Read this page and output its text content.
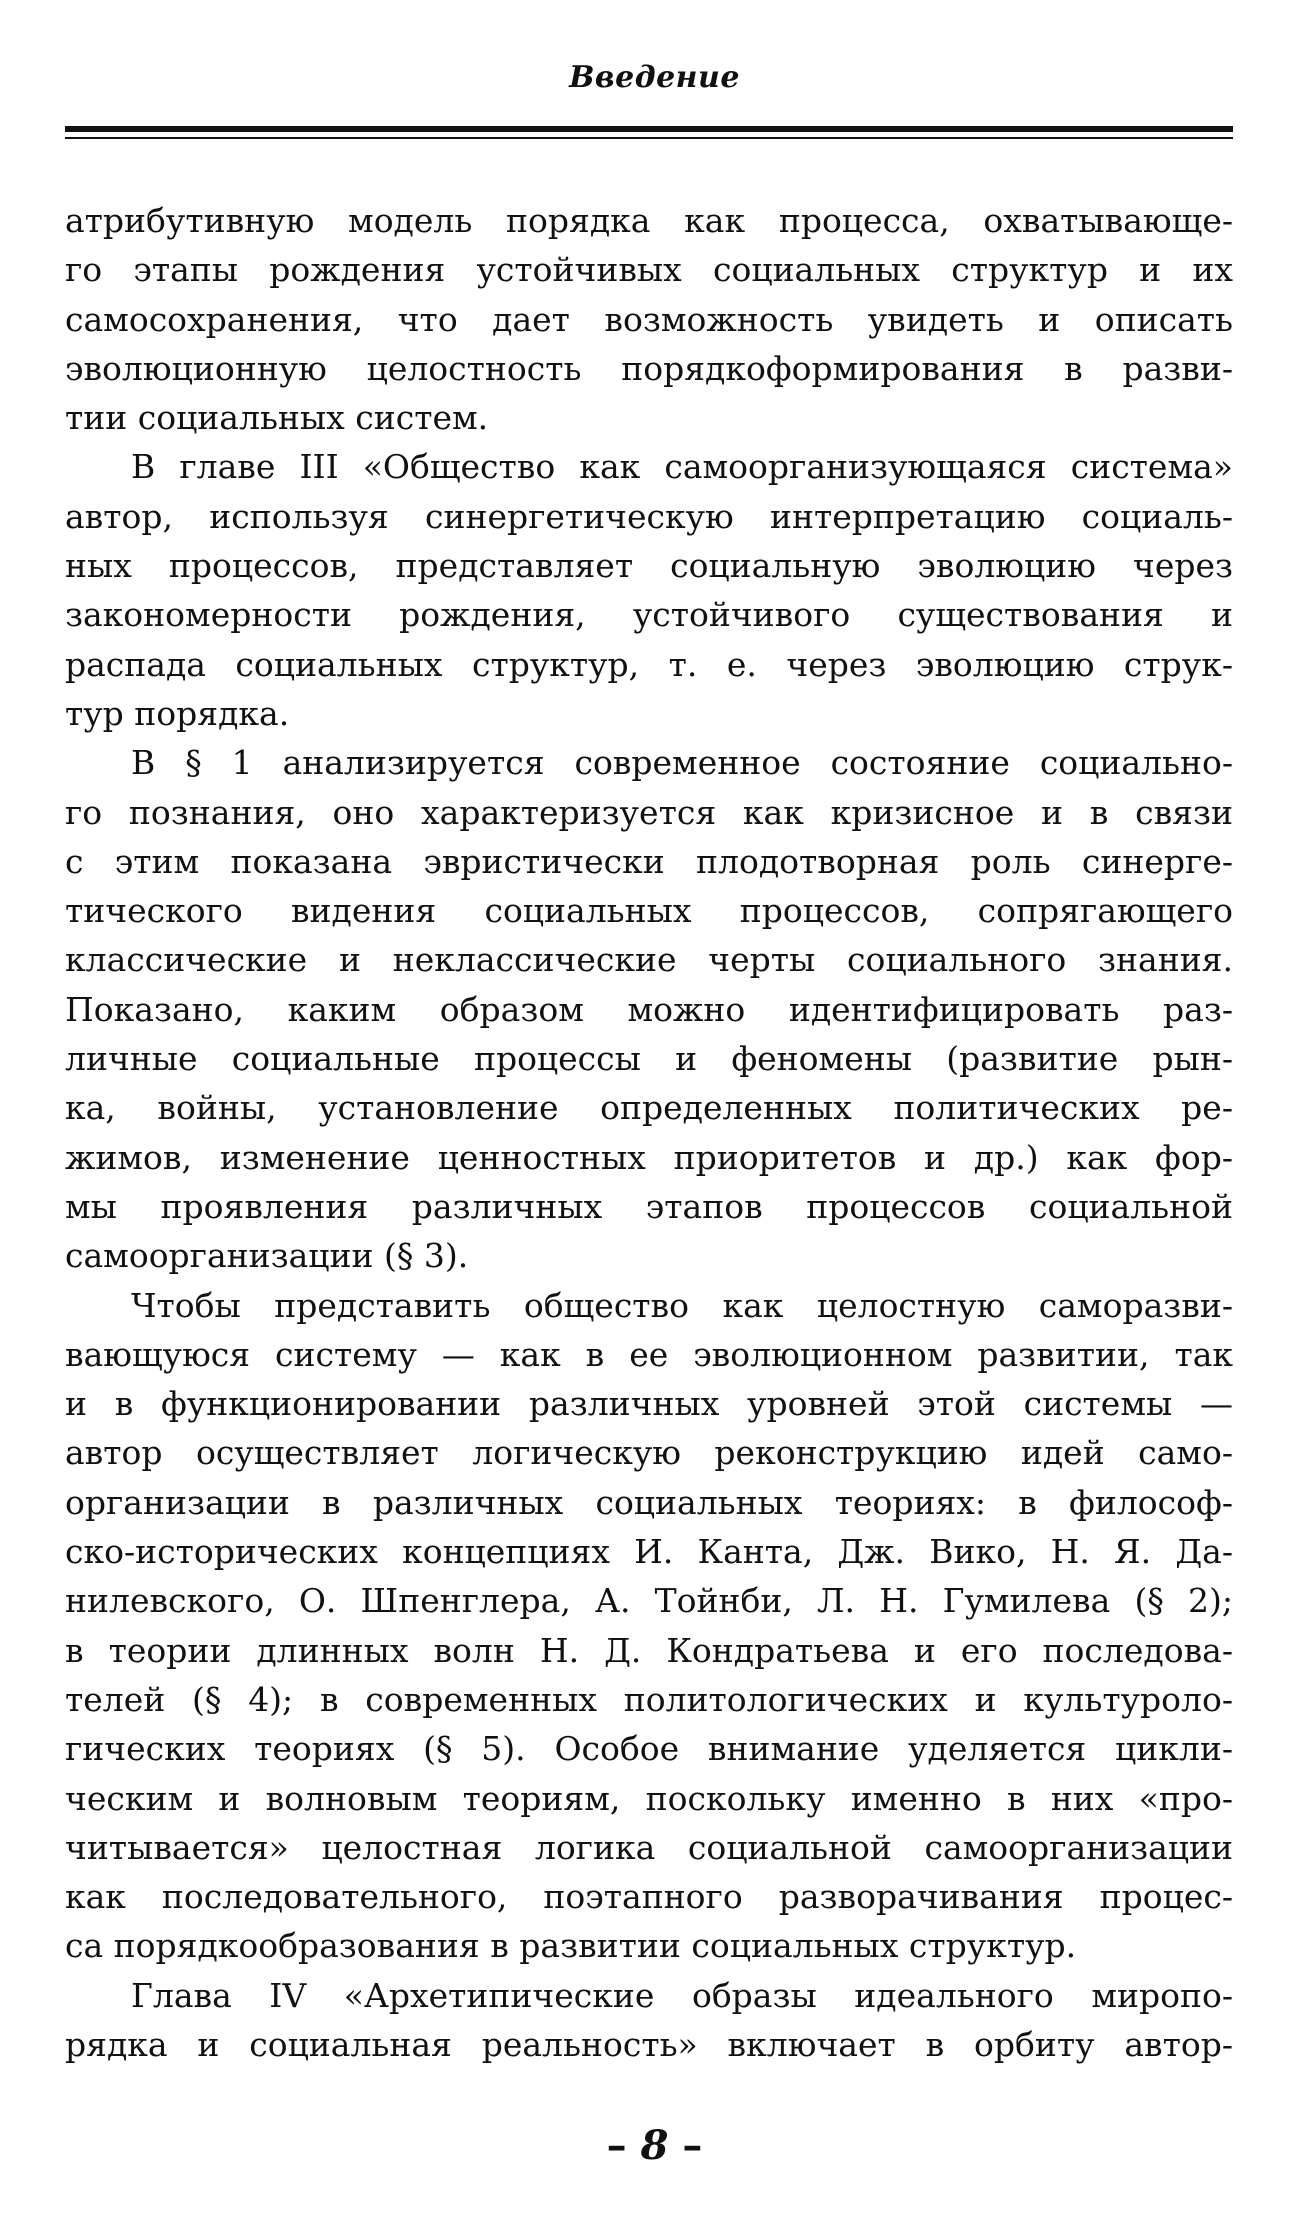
Введение
атрибутивную модель порядка как процесса, охватывающе-
го этапы рождения устойчивых социальных структур и их
самосохранения, что дает возможность увидеть и описать
эволюционную целостность порядкоформирования в разви-
тии социальных систем.
В главе III «Общество как самоорганизующаяся система»
автор, используя синергетическую интерпретацию социаль-
ных процессов, представляет социальную эволюцию через
закономерности рождения, устойчивого существования и
распада социальных структур, т. е. через эволюцию струк-
тур порядка.
В § 1 анализируется современное состояние социально-
го познания, оно характеризуется как кризисное и в связи
с этим показана эвристически плодотворная роль синерге-
тического видения социальных процессов, сопрягающего
классические и неклассические черты социального знания.
Показано, каким образом можно идентифицировать раз-
личные социальные процессы и феномены (развитие рын-
ка, войны, установление определенных политических ре-
жимов, изменение ценностных приоритетов и др.) как фор-
мы проявления различных этапов процессов социальной
самоорганизации (§ 3).
Чтобы представить общество как целостную саморазви-
вающуюся систему — как в ее эволюционном развитии, так
и в функционировании различных уровней этой системы —
автор осуществляет логическую реконструкцию идей само-
организации в различных социальных теориях: в философ-
ско-исторических концепциях И. Канта, Дж. Вико, Н. Я. Да-
нилевского, О. Шпенглера, А. Тойнби, Л. Н. Гумилева (§ 2);
в теории длинных волн Н. Д. Кондратьева и его последова-
телей (§ 4); в современных политологических и культуроло-
гических теориях (§ 5). Особое внимание уделяется цикли-
ческим и волновым теориям, поскольку именно в них «про-
читывается» целостная логика социальной самоорганизации
как последовательного, поэтапного разворачивания процес-
са порядкообразования в развитии социальных структур.
Глава IV «Архетипические образы идеального миропо-
рядка и социальная реальность» включает в орбиту автор-
– 8 –
